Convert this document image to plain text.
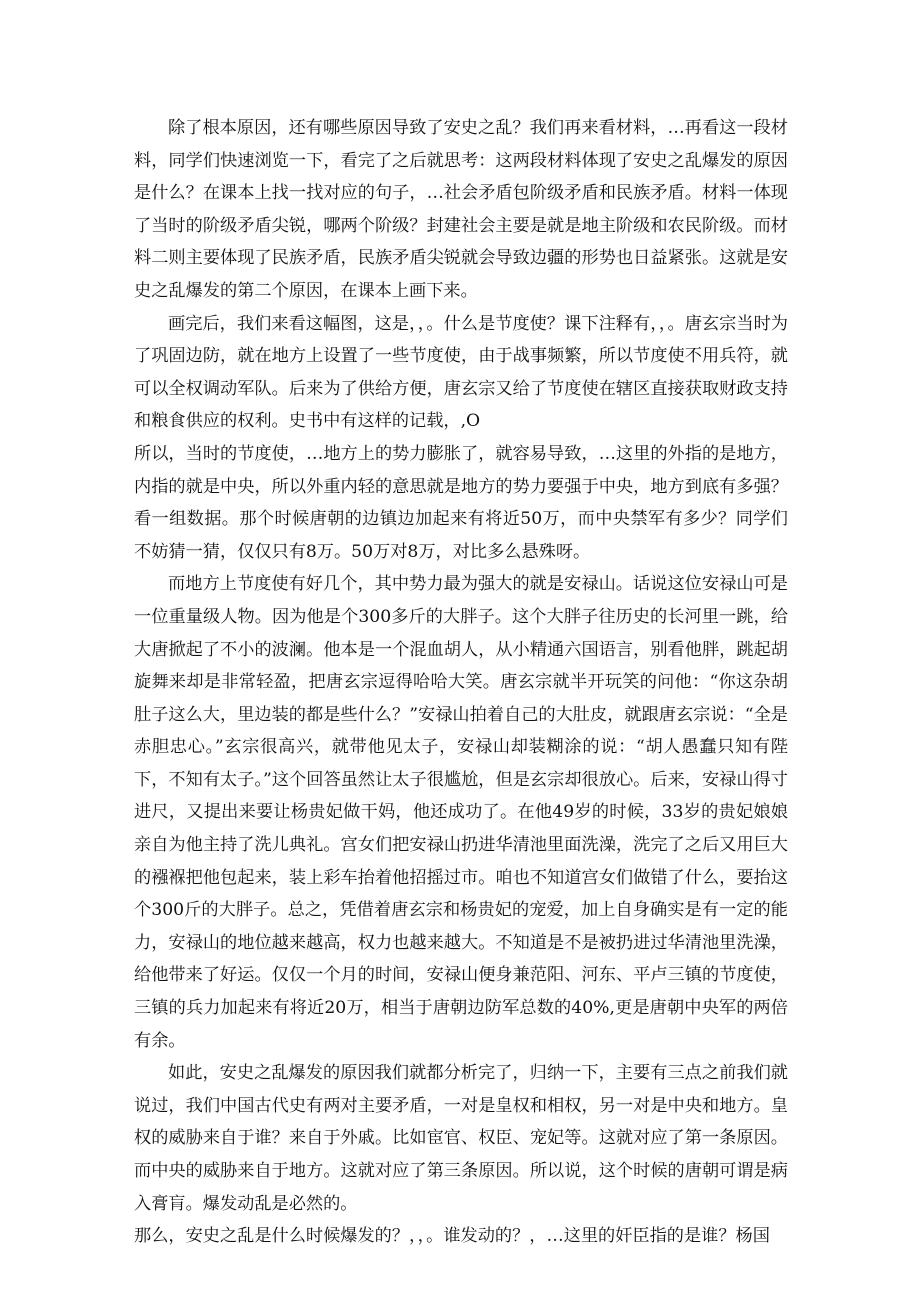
除了根本原因，还有哪些原因导致了安史之乱？我们再来看材料，…再看这一段材料，同学们快速浏览一下，看完了之后就思考：这两段材料体现了安史之乱爆发的原因是什么？在课本上找一找对应的句子，…社会矛盾包阶级矛盾和民族矛盾。材料一体现了当时的阶级矛盾尖锐，哪两个阶级？封建社会主要是就是地主阶级和农民阶级。而材料二则主要体现了民族矛盾，民族矛盾尖锐就会导致边疆的形势也日益紧张。这就是安史之乱爆发的第二个原因，在课本上画下来。

画完后，我们来看这幅图，这是，，。什么是节度使？课下注释有，，。唐玄宗当时为了巩固边防，就在地方上设置了一些节度使，由于战事频繁，所以节度使不用兵符，就可以全权调动军队。后来为了供给方便，唐玄宗又给了节度使在辖区直接获取财政支持和粮食供应的权利。史书中有这样的记载，,O

所以，当时的节度使，…地方上的势力膨胀了，就容易导致，…这里的外指的是地方，内指的就是中央，所以外重内轻的意思就是地方的势力要强于中央，地方到底有多强？看一组数据。那个时候唐朝的边镇边加起来有将近50万，而中央禁军有多少？同学们不妨猜一猜，仅仅只有8万。50万对8万，对比多么悬殊呀。

而地方上节度使有好几个，其中势力最为强大的就是安禄山。话说这位安禄山可是一位重量级人物。因为他是个300多斤的大胖子。这个大胖子往历史的长河里一跳，给大唐掀起了不小的波澜。他本是一个混血胡人，从小精通六国语言，别看他胖，跳起胡旋舞来却是非常轻盈，把唐玄宗逗得哈哈大笑。唐玄宗就半开玩笑的问他：“你这杂胡肚子这么大，里边装的都是些什么？”安禄山拍着自己的大肚皮，就跟唐玄宗说：“全是赤胆忠心。”玄宗很高兴，就带他见太子，安禄山却装糊涂的说：“胡人愚蠢只知有陛下，不知有太子。”这个回答虽然让太子很尴尬，但是玄宗却很放心。后来，安禄山得寸进尺，又提出来要让杨贵妃做干妈，他还成功了。在他49岁的时候，33岁的贵妃娘娘亲自为他主持了洗儿典礼。宫女们把安禄山扔进华清池里面洗澡，洗完了之后又用巨大的襁褓把他包起来，装上彩车抬着他招摇过市。咱也不知道宫女们做错了什么，要抬这个300斤的大胖子。总之，凭借着唐玄宗和杨贵妃的宠爱，加上自身确实是有一定的能力，安禄山的地位越来越高，权力也越来越大。不知道是不是被扔进过华清池里洗澡，给他带来了好运。仅仅一个月的时间，安禄山便身兼范阳、河东、平卢三镇的节度使，三镇的兵力加起来有将近20万，相当于唐朝边防军总数的40%,更是唐朝中央军的两倍有余。

如此，安史之乱爆发的原因我们就都分析完了，归纳一下，主要有三点之前我们就说过，我们中国古代史有两对主要矛盾，一对是皇权和相权，另一对是中央和地方。皇权的威胁来自于谁？来自于外戚。比如宦官、权臣、宠妃等。这就对应了第一条原因。而中央的威胁来自于地方。这就对应了第三条原因。所以说，这个时候的唐朝可谓是病入膏肓。爆发动乱是必然的。

那么，安史之乱是什么时候爆发的？，，。谁发动的？，…这里的奸臣指的是谁？杨国
